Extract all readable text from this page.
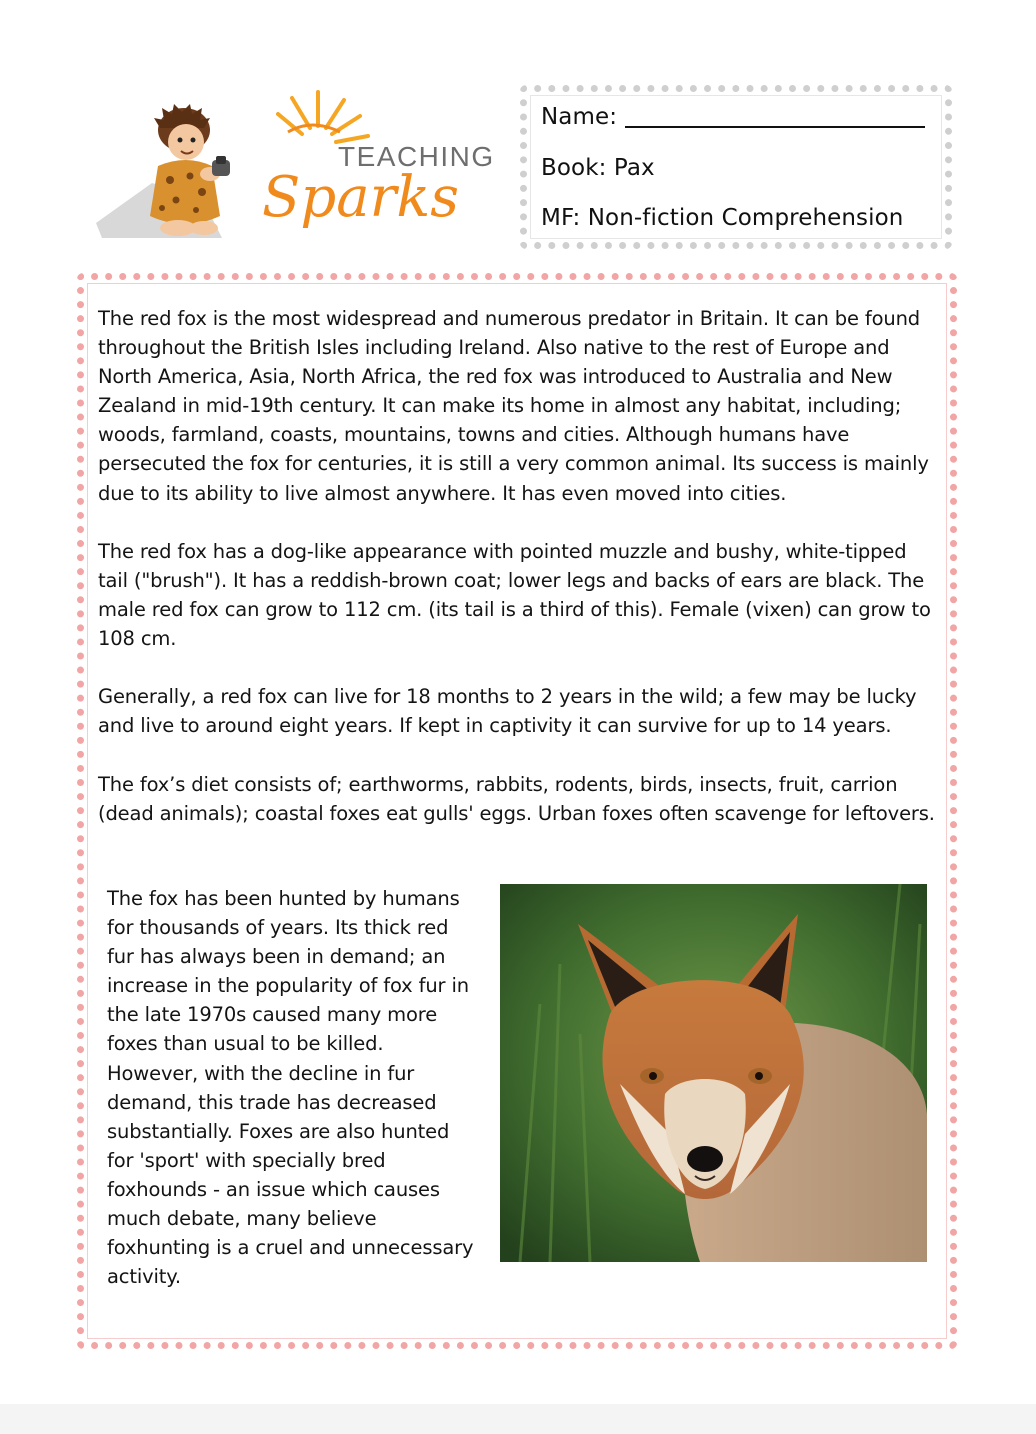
TEACHING
Sparks
Name:
Book: Pax
MF: Non-fiction Comprehension

The red fox is the most widespread and numerous predator in Britain. It can be found throughout the British Isles including Ireland. Also native to the rest of Europe and North America, Asia, North Africa, the red fox was introduced to Australia and New Zealand in mid-19th century. It can make its home in almost any habitat, including; woods, farmland, coasts, mountains, towns and cities. Although humans have persecuted the fox for centuries, it is still a very common animal. Its success is mainly due to its ability to live almost anywhere. It has even moved into cities.

The red fox has a dog-like appearance with pointed muzzle and bushy, white-tipped tail ("brush"). It has a reddish-brown coat; lower legs and backs of ears are black. The male red fox can grow to 112 cm. (its tail is a third of this). Female (vixen) can grow to 108 cm.

Generally, a red fox can live for 18 months to 2 years in the wild; a few may be lucky and live to around eight years. If kept in captivity it can survive for up to 14 years.

The fox’s diet consists of; earthworms, rabbits, rodents, birds, insects, fruit, carrion (dead animals); coastal foxes eat gulls' eggs. Urban foxes often scavenge for leftovers.

The fox has been hunted by humans for thousands of years. Its thick red fur has always been in demand; an increase in the popularity of fox fur in the late 1970s caused many more foxes than usual to be killed. However, with the decline in fur demand, this trade has decreased substantially. Foxes are also hunted for 'sport' with specially bred foxhounds - an issue which causes much debate, many believe foxhunting is a cruel and unnecessary activity.
